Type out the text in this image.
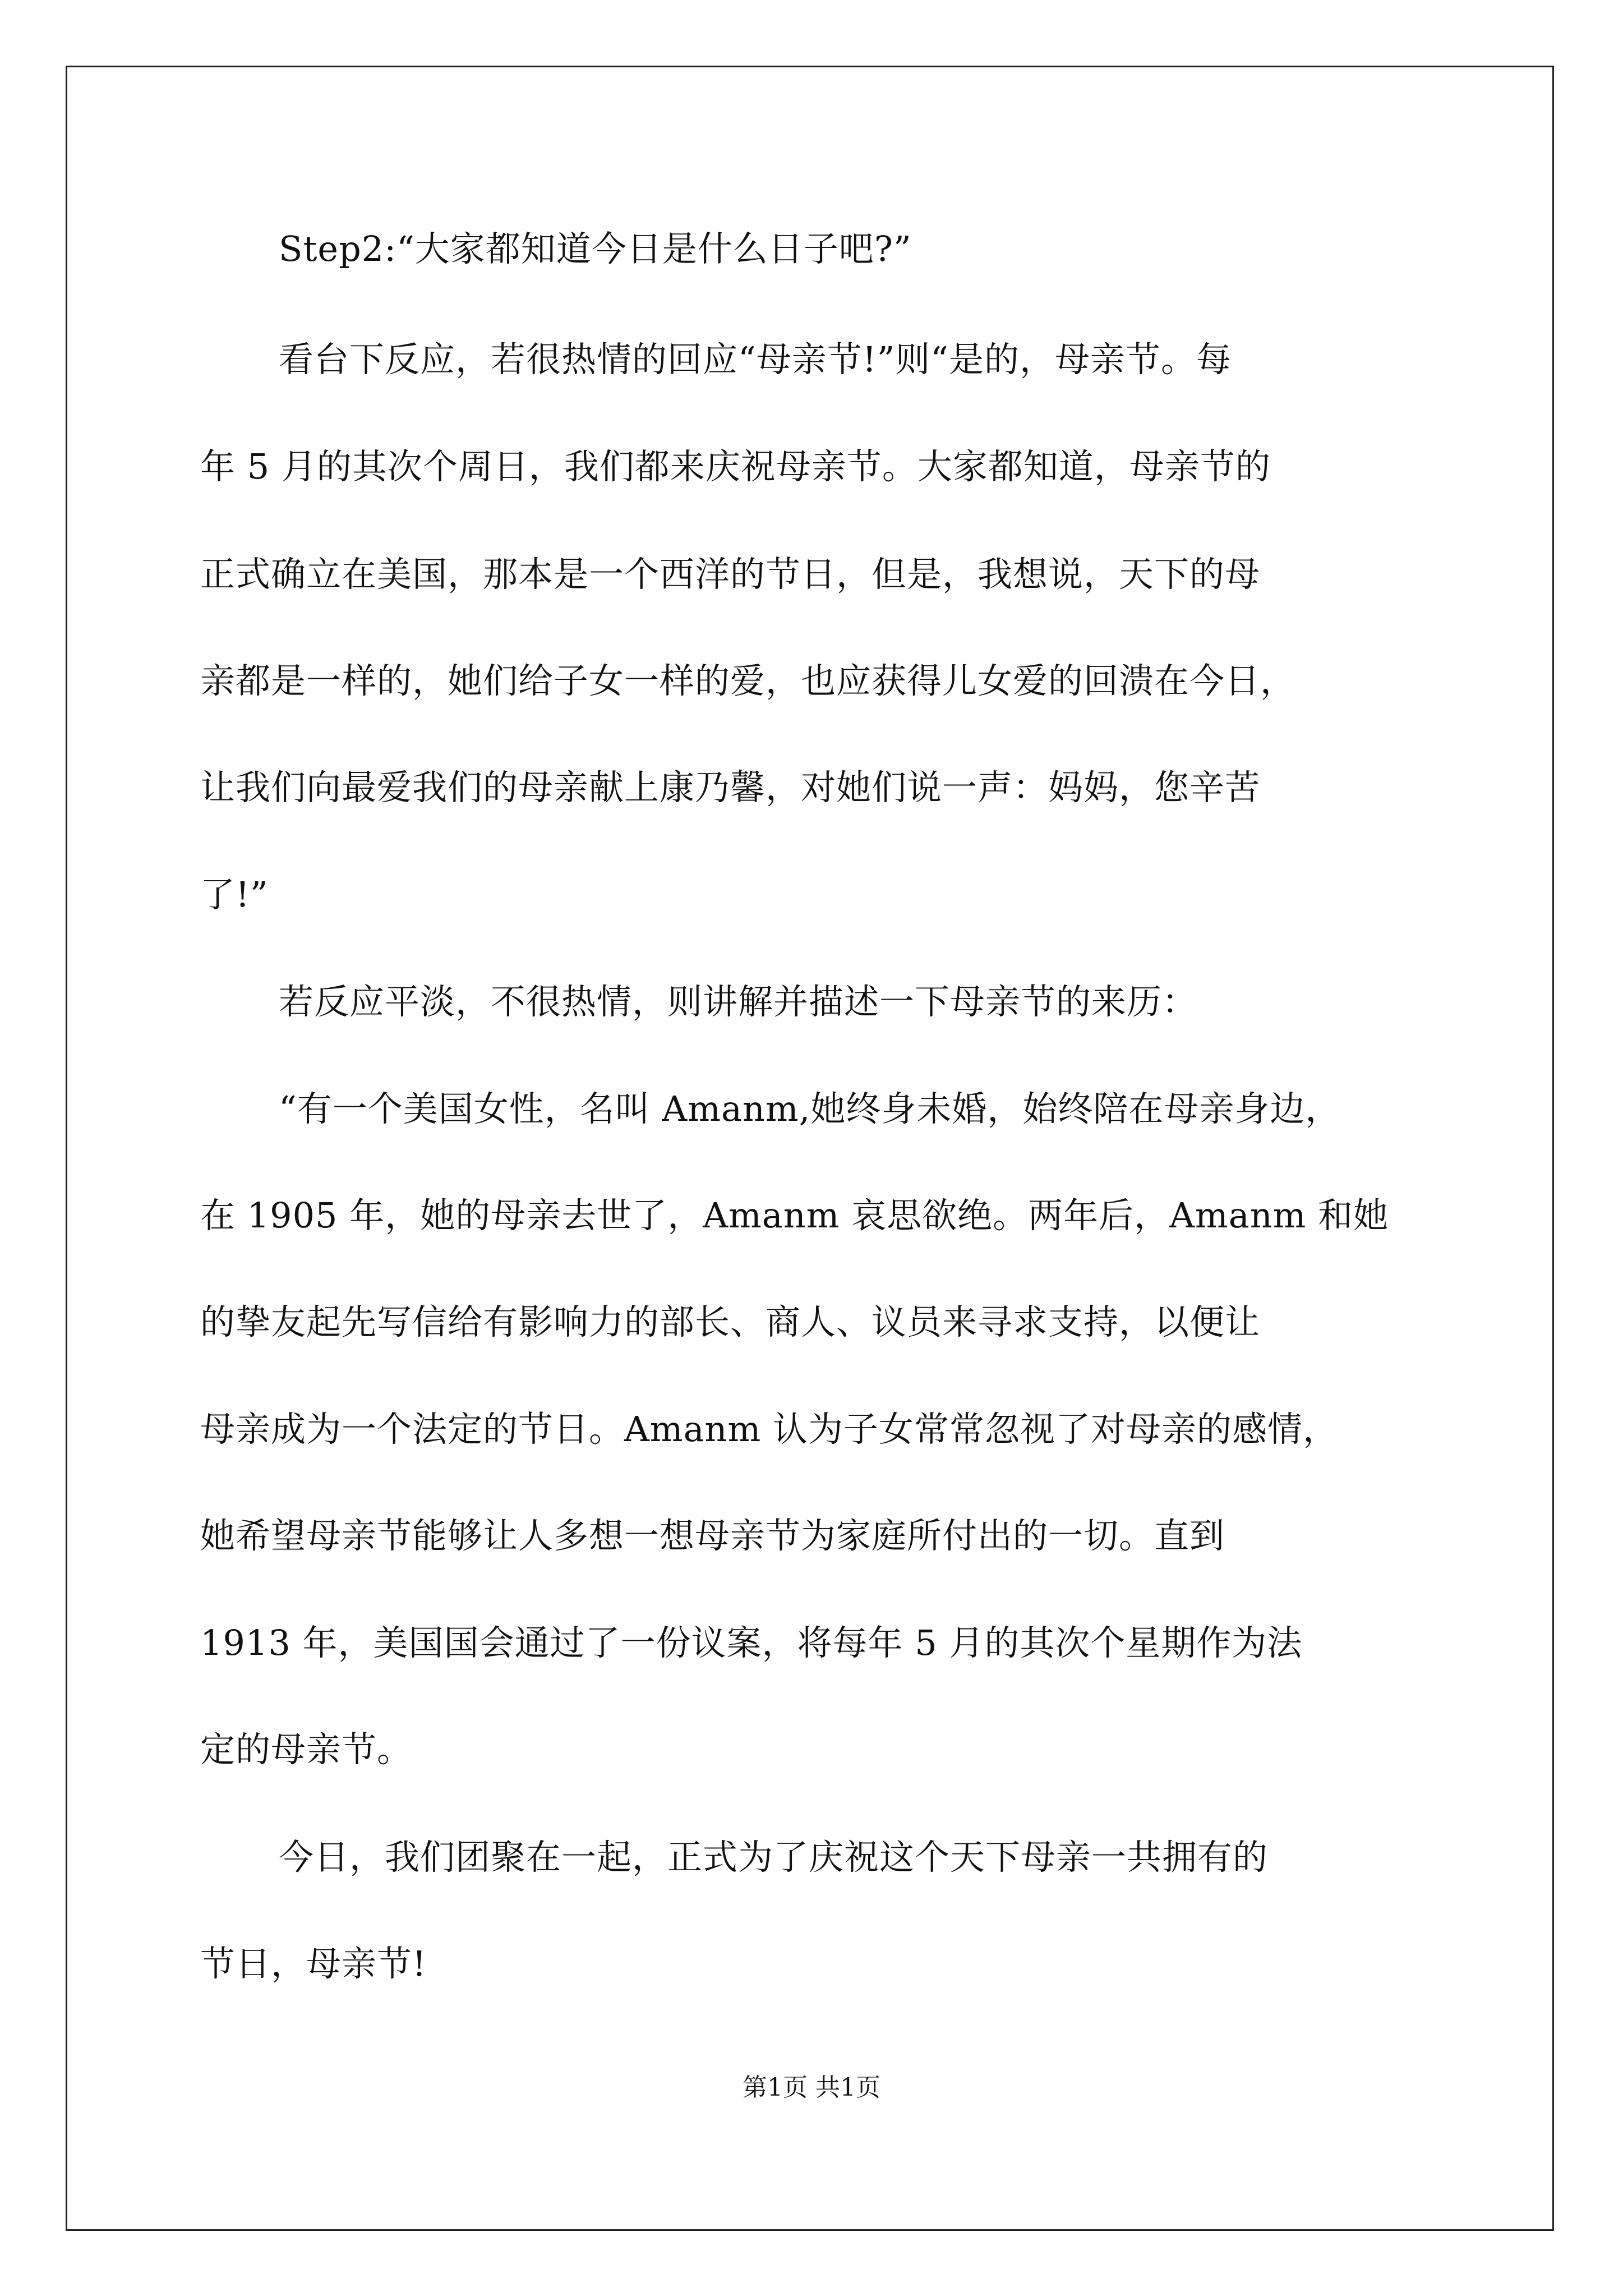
Step2:“大家都知道今日是什么日子吧?”
看台下反应，若很热情的回应“母亲节!”则“是的，母亲节。每
年 5 月的其次个周日，我们都来庆祝母亲节。大家都知道，母亲节的
正式确立在美国，那本是一个西洋的节日，但是，我想说，天下的母
亲都是一样的，她们给子女一样的爱，也应获得儿女爱的回溃在今日，
让我们向最爱我们的母亲献上康乃馨，对她们说一声：妈妈，您辛苦
了!”
若反应平淡，不很热情，则讲解并描述一下母亲节的来历：
“有一个美国女性，名叫 Amanm,她终身未婚，始终陪在母亲身边，
在 1905 年，她的母亲去世了，Amanm 哀思欲绝。两年后，Amanm 和她
的挚友起先写信给有影响力的部长、商人、议员来寻求支持，以便让
母亲成为一个法定的节日。Amanm 认为子女常常忽视了对母亲的感情，
她希望母亲节能够让人多想一想母亲节为家庭所付出的一切。直到
1913 年，美国国会通过了一份议案，将每年 5 月的其次个星期作为法
定的母亲节。
今日，我们团聚在一起，正式为了庆祝这个天下母亲一共拥有的
节日，母亲节!
第1页 共1页
